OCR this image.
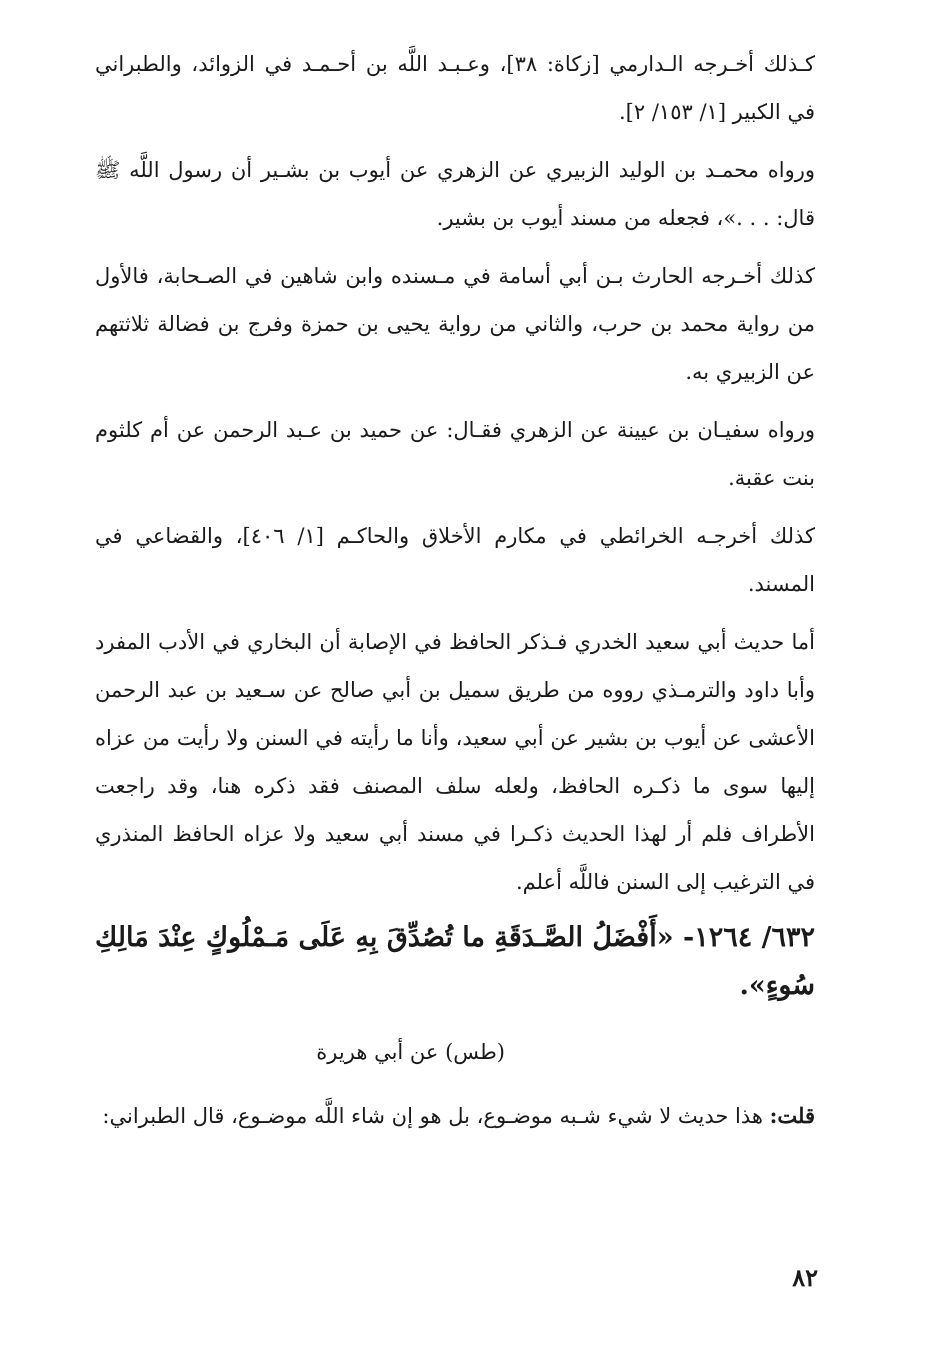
كـذلك أخـرجه الـدارمي [زكاة: ٣٨]، وعـبـد اللَّه بن أحـمـد في الزوائد، والطبراني في الكبير [١/ ١٥٣/ ٢].

ورواه محمـد بن الوليد الزبيري عن الزهري عن أيوب بن بشـير أن رسول اللَّه ﷺ قال: . . .»، فجعله من مسند أيوب بن بشير.

كذلك أخـرجه الحارث بـن أبي أسامة في مـسنده وابن شاهين في الصـحابة، فالأول من رواية محمد بن حرب، والثاني من رواية يحيى بن حمزة وفرج بن فضالة ثلاثتهم عن الزبيري به.

ورواه سفيـان بن عيينة عن الزهري فقـال: عن حميد بن عـبد الرحمن عن أم كلثوم بنت عقبة.

كذلك أخرجـه الخرائطي في مكارم الأخلاق والحاكـم [١/ ٤٠٦]، والقضاعي في المسند.

أما حديث أبي سعيد الخدري فـذكر الحافظ في الإصابة أن البخاري في الأدب المفرد وأبا داود والترمـذي رووه من طريق سميل بن أبي صالح عن سـعيد بن عبد الرحمن الأعشى عن أيوب بن بشير عن أبي سعيد، وأنا ما رأيته في السنن ولا رأيت من عزاه إليها سوى ما ذكـره الحافظ، ولعله سلف المصنف فقد ذكره هنا، وقد راجعت الأطراف فلم أر لهذا الحديث ذكـرا في مسند أبي سعيد ولا عزاه الحافظ المنذري في الترغيب إلى السنن فاللَّه أعلم.

٦٣٢/ ١٢٦٤- «أَفْضَلُ الصَّـدَقَةِ ما تُصُدِّقَ بِهِ عَلَى مَـمْلُوكٍ عِنْدَ مَالِكِ سُوءٍ».

(طس) عن أبي هريرة

قلت: هذا حديث لا شيء شـبه موضـوع، بل هو إن شاء اللَّه موضـوع، قال الطبراني:

٨٢
